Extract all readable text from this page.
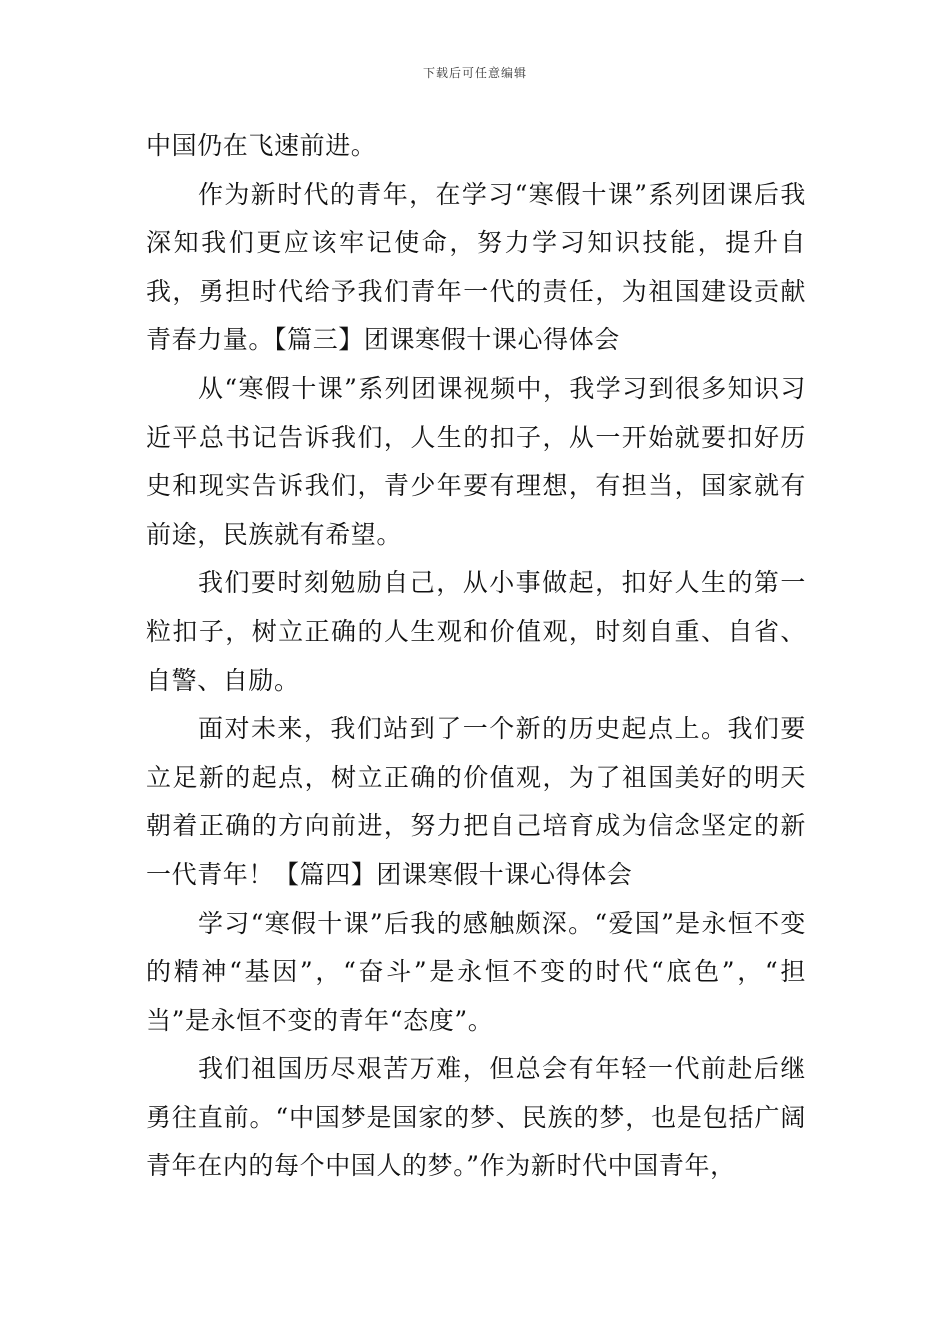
下载后可任意编辑

中国仍在飞速前进。

作为新时代的青年，在学习“寒假十课”系列团课后我深知我们更应该牢记使命，努力学习知识技能，提升自我，勇担时代给予我们青年一代的责任，为祖国建设贡献青春力量。【篇三】团课寒假十课心得体会

从“寒假十课”系列团课视频中，我学习到很多知识习近平总书记告诉我们，人生的扣子，从一开始就要扣好历史和现实告诉我们，青少年要有理想，有担当，国家就有前途，民族就有希望。

我们要时刻勉励自己，从小事做起，扣好人生的第一粒扣子，树立正确的人生观和价值观，时刻自重、自省、自警、自励。

面对未来，我们站到了一个新的历史起点上。我们要立足新的起点，树立正确的价值观，为了祖国美好的明天朝着正确的方向前进，努力把自己培育成为信念坚定的新一代青年！【篇四】团课寒假十课心得体会

学习“寒假十课”后我的感触颇深。“爱国”是永恒不变的精神“基因”，“奋斗”是永恒不变的时代“底色”，“担当”是永恒不变的青年“态度”。

我们祖国历尽艰苦万难，但总会有年轻一代前赴后继勇往直前。“中国梦是国家的梦、民族的梦，也是包括广阔青年在内的每个中国人的梦。”作为新时代中国青年，
